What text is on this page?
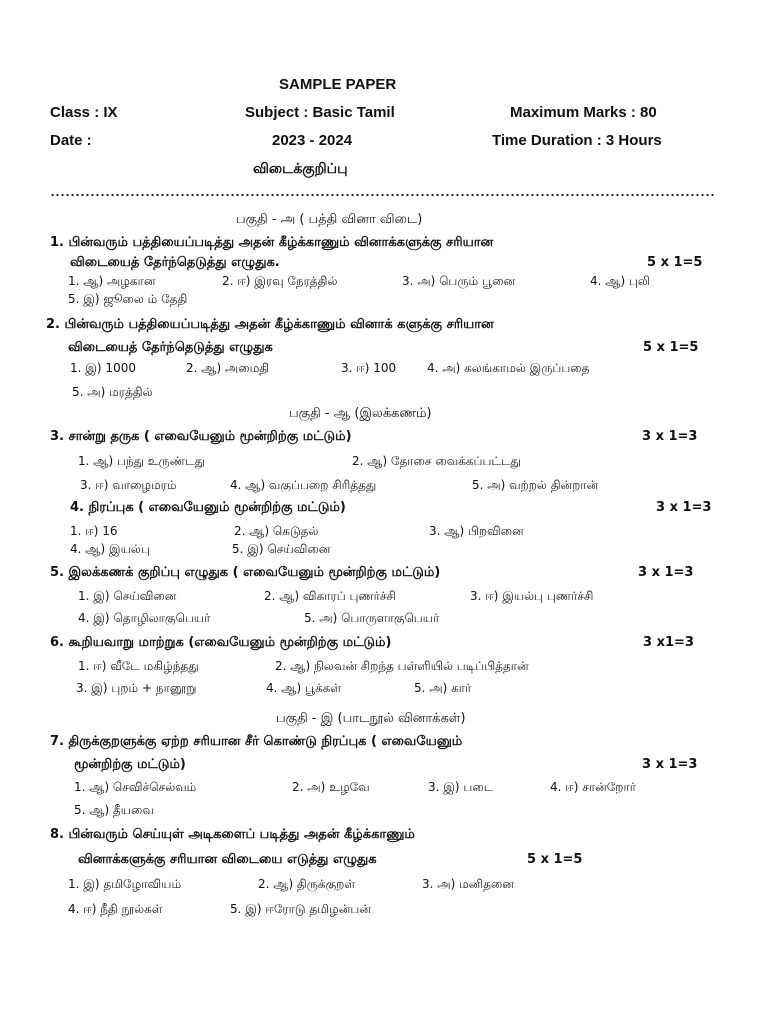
SAMPLE PAPER
Class : IX	Subject : Basic Tamil	Maximum Marks : 80
Date :	2023 - 2024	Time Duration : 3 Hours
விடைக்குறிப்பு
பகுதி - அ ( பத்தி வினா விடை)
1. பின்வரும் பத்தியைப்படித்து அதன் கீழ்க்காணும் வினாக்களுக்கு சரியான
விடையைத் தேர்ந்தெடுத்து எழுதுக.	5 x 1=5
1. ஆ) அழகான	2. ஈ) இரவு நேரத்தில்	3. அ) பெரும் பூனை	4. ஆ) புலி
5. இ) ஜூலை ம் தேதி
2. பின்வரும் பத்தியைப்படித்து அதன் கீழ்க்காணும் வினாக் களுக்கு சரியான
விடையைத் தேர்ந்தெடுத்து எழுதுக	5 x 1=5
1. இ) 1000	2. ஆ) அமைதி	3. ஈ) 100	4. அ) கலங்காமல் இருப்பதை
5. அ) மரத்தில்
பகுதி - ஆ (இலக்கணம்)
3. சான்று தருக ( எவையேனும் மூன்றிற்கு மட்டும்)	3 x 1=3
1. ஆ) பந்து உருண்டது	2. ஆ) தோசை வைக்கப்பட்டது
3. ஈ) வாழைமரம்	4. ஆ) வகுப்பறை சிரித்தது	5. அ) வற்றல் தின்றான்
4. நிரப்புக ( எவையேனும் மூன்றிற்கு மட்டும்)	3 x 1=3
1. ஈ) 16	2. ஆ) கெடுதல்	3. ஆ) பிறவினை
4. ஆ) இயல்பு	5. இ) செய்வினை
5. இலக்கணக் குறிப்பு எழுதுக ( எவையேனும் மூன்றிற்கு மட்டும்)	3 x 1=3
1. இ) செய்வினை	2. ஆ) விகாரப் புணர்ச்சி	3. ஈ) இயல்பு புணர்ச்சி
4. இ) தொழிலாகுபெயர்	5. அ) பொருளாகுபெயர்
6. கூறியவாறு மாற்றுக (எவையேனும் மூன்றிற்கு மட்டும்)	3 x1=3
1. ஈ) வீடே மகிழ்ந்தது	2. ஆ) நிலவன் சிறந்த பள்ளியில் படிப்பித்தான்
3. இ) புறம் + நானூறு	4. ஆ) பூக்கள்	5. அ) கார்
பகுதி - இ (பாடநூல் வினாக்கள்)
7. திருக்குறளுக்கு ஏற்ற சரியான சீர் கொண்டு நிரப்புக ( எவையேனும்
மூன்றிற்கு மட்டும்)	3 x 1=3
1. ஆ) செவிச்செல்வம்	2. அ) உழவே	3. இ) படை	4. ஈ) சான்றோர்
5. ஆ) தீயவை
8. பின்வரும் செய்யுள் அடிகளைப் படித்து அதன் கீழ்க்காணும்
வினாக்களுக்கு சரியான விடையை எடுத்து எழுதுக	5 x 1=5
1. இ) தமிழோவியம்	2. ஆ) திருக்குறள்	3. அ) மனிதனை
4. ஈ) நீதி நூல்கள்	5. இ) ஈரோடு தமிழன்பன்
